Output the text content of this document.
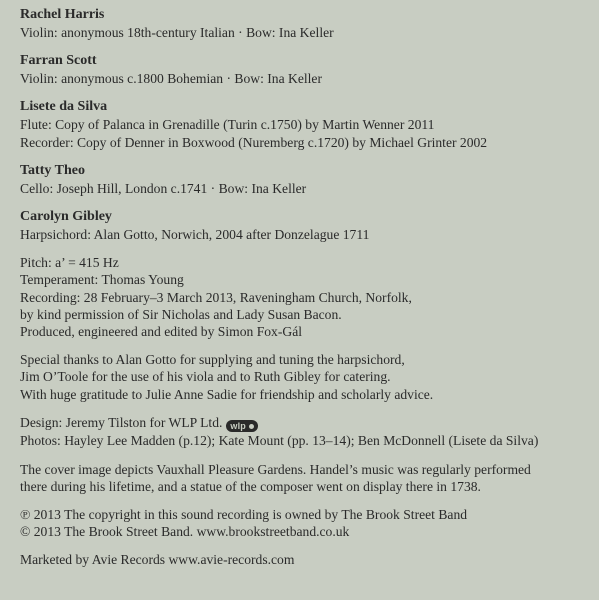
Rachel Harris
Violin: anonymous 18th-century Italian · Bow: Ina Keller
Farran Scott
Violin: anonymous c.1800 Bohemian · Bow: Ina Keller
Lisete da Silva
Flute: Copy of Palanca in Grenadille (Turin c.1750) by Martin Wenner 2011
Recorder: Copy of Denner in Boxwood (Nuremberg c.1720) by Michael Grinter 2002
Tatty Theo
Cello: Joseph Hill, London c.1741 · Bow: Ina Keller
Carolyn Gibley
Harpsichord: Alan Gotto, Norwich, 2004 after Donzelague 1711
Pitch: a’ = 415 Hz
Temperament: Thomas Young
Recording: 28 February–3 March 2013, Raveningham Church, Norfolk,
by kind permission of Sir Nicholas and Lady Susan Bacon.
Produced, engineered and edited by Simon Fox-Gál
Special thanks to Alan Gotto for supplying and tuning the harpsichord,
Jim O’Toole for the use of his viola and to Ruth Gibley for catering.
With huge gratitude to Julie Anne Sadie for friendship and scholarly advice.
Design: Jeremy Tilston for WLP Ltd. wlp
Photos: Hayley Lee Madden (p.12); Kate Mount (pp. 13–14); Ben McDonnell (Lisete da Silva)
The cover image depicts Vauxhall Pleasure Gardens. Handel’s music was regularly performed
there during his lifetime, and a statue of the composer went on display there in 1738.
℗ 2013 The copyright in this sound recording is owned by The Brook Street Band
© 2013 The Brook Street Band. www.brookstreetband.co.uk
Marketed by Avie Records www.avie-records.com
